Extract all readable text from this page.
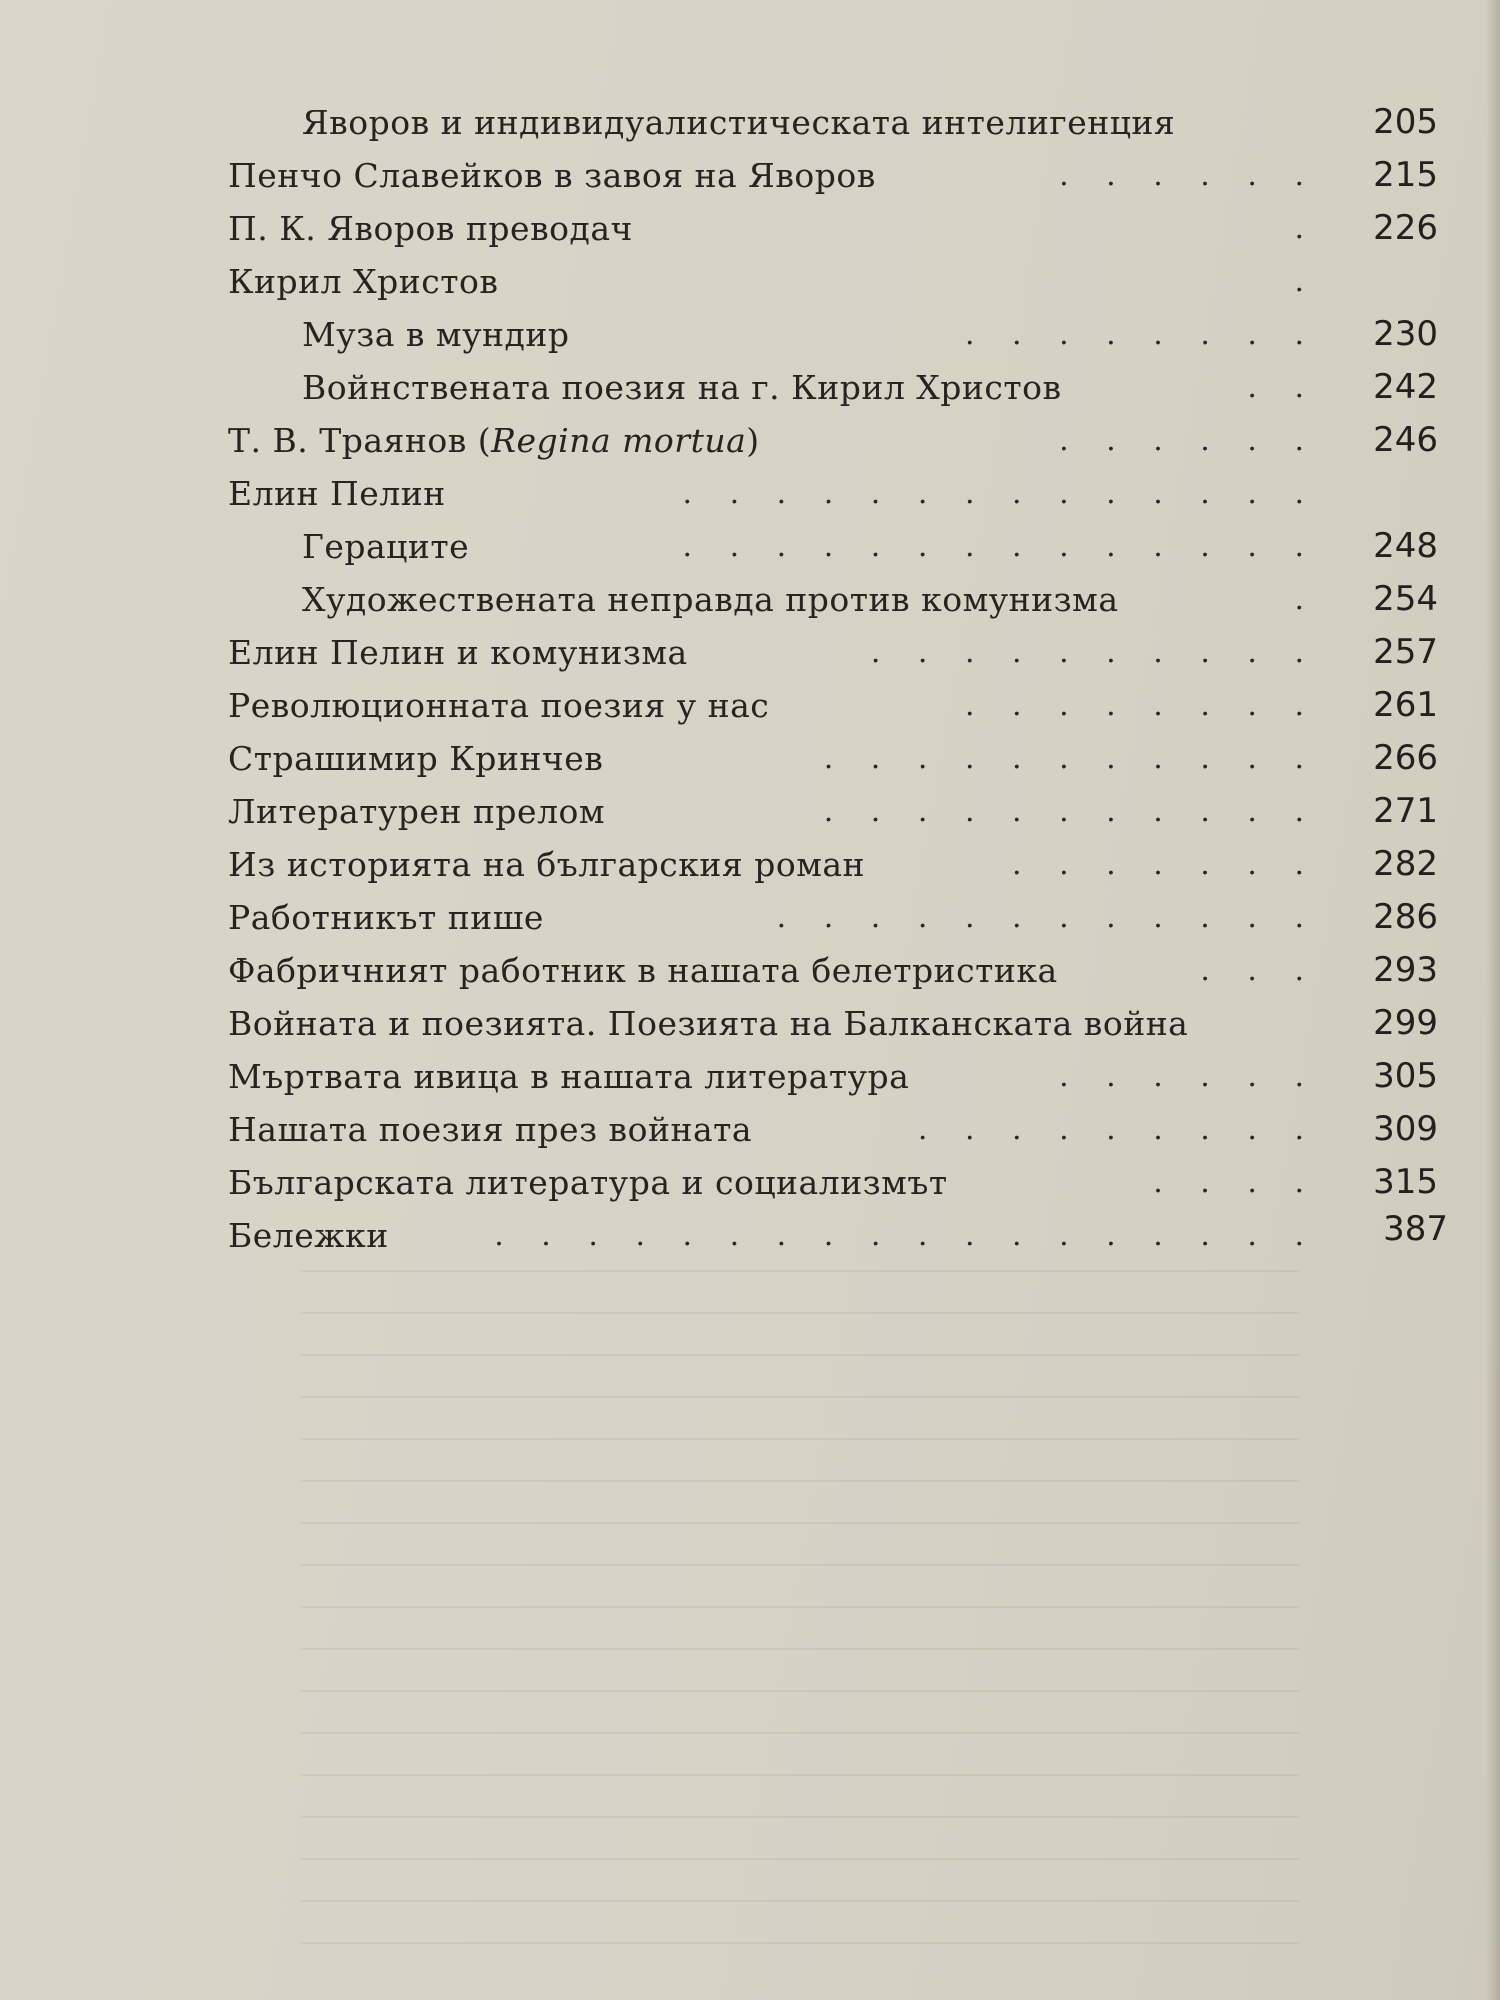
Яворов и индивидуалистическата интелигенция	205
Пенчо Славейков в завоя на Яворов	. . . . . .	215
П. К. Яворов преводач	.	226
Кирил Христов	.
Муза в мундир	. . . . . . . .	230
Войнствената поезия на г. Кирил Христов	. .	242
Т. В. Траянов (Regina mortua)	. . . . . .	246
Елин Пелин	. . . . . . . . . . . . . .
Гераците	. . . . . . . . . . . . . .	248
Художествената неправда против комунизма	.	254
Елин Пелин и комунизма	. . . . . . . . . .	257
Революционната поезия у нас	. . . . . . . .	261
Страшимир Кринчев	. . . . . . . . . . .	266
Литературен прелом	. . . . . . . . . . .	271
Из историята на българския роман	. . . . . . .	282
Работникът пише	. . . . . . . . . . . .	286
Фабричният работник в нашата белетристика	. . .	293
Войната и поезията. Поезията на Балканската война	299
Мъртвата ивица в нашата литература	. . . . . .	305
Нашата поезия през войната	. . . . . . . . .	309
Българската литература и социализмът	. . . .	315
Бележки	. . . . . . . . . . . . . . . . . .	387
